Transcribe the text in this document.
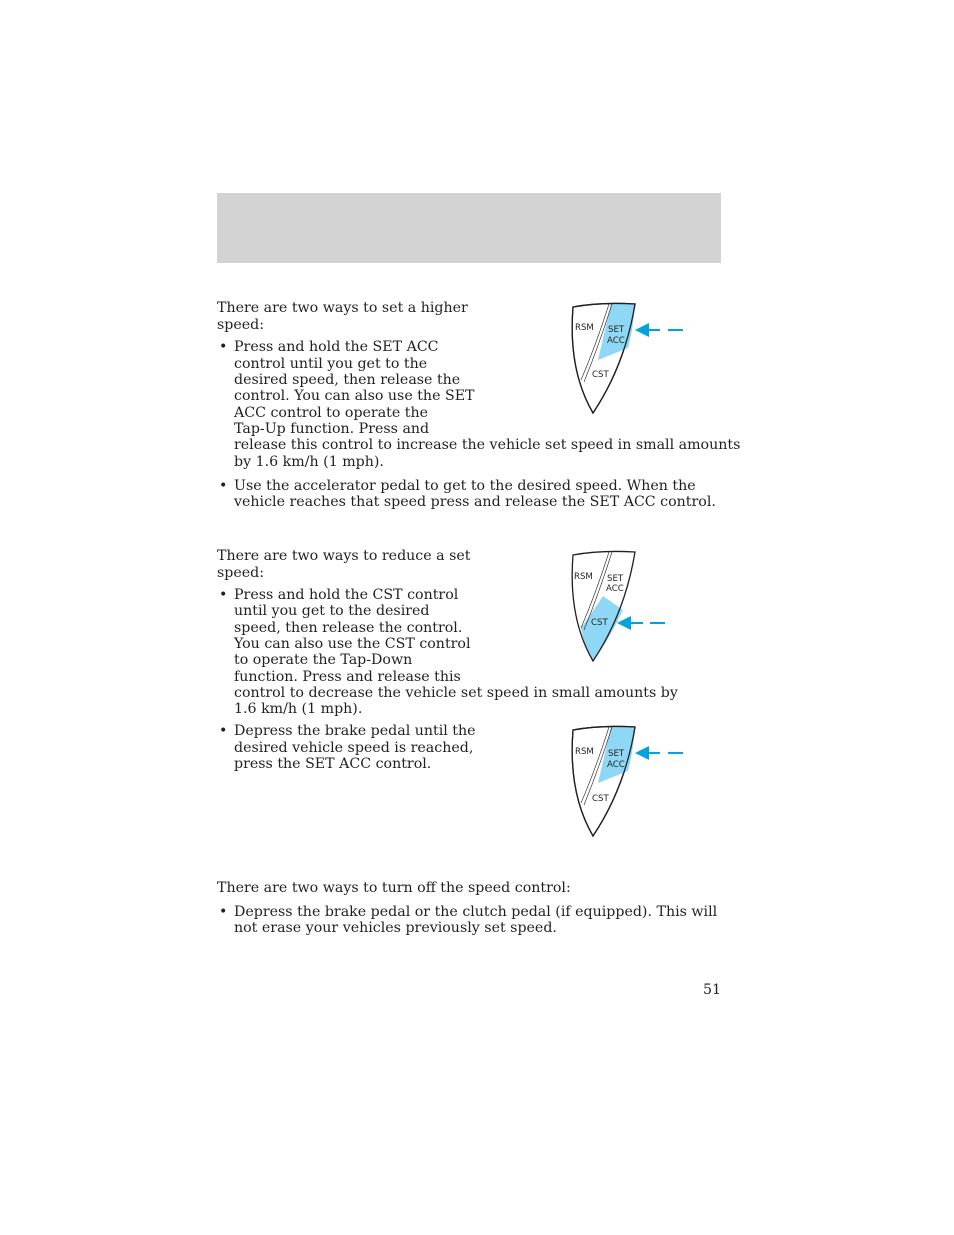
There are two ways to set a higher
speed:
• Press and hold the SET ACC
control until you get to the
desired speed, then release the
control. You can also use the SET
ACC control to operate the
Tap-Up function. Press and
release this control to increase the vehicle set speed in small amounts
by 1.6 km/h (1 mph).
• Use the accelerator pedal to get to the desired speed. When the
vehicle reaches that speed press and release the SET ACC control.
RSM SET
ACC
CST
There are two ways to reduce a set
speed:
• Press and hold the CST control
until you get to the desired
speed, then release the control.
You can also use the CST control
to operate the Tap-Down
function. Press and release this
control to decrease the vehicle set speed in small amounts by
1.6 km/h (1 mph).
• Depress the brake pedal until the
desired vehicle speed is reached,
press the SET ACC control.
RSM SET
ACC
CST
RSM SET
ACC
CST
There are two ways to turn off the speed control:
• Depress the brake pedal or the clutch pedal (if equipped). This will
not erase your vehicles previously set speed.
51
